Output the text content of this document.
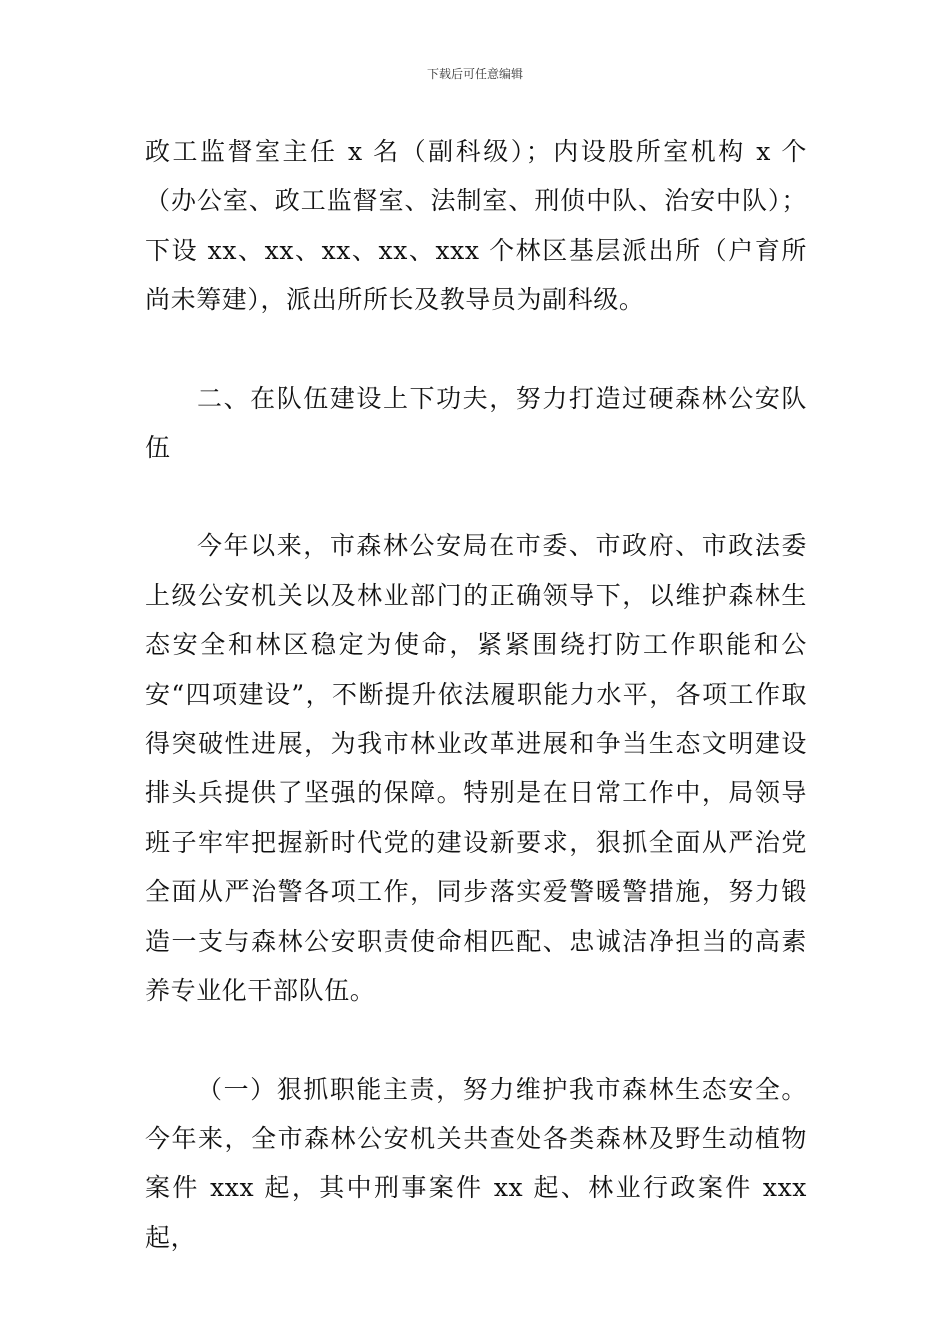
下载后可任意编辑

政工监督室主任 x 名（副科级）；内设股所室机构 x 个（办公室、政工监督室、法制室、刑侦中队、治安中队）；下设 xx、xx、xx、xx、xxx 个林区基层派出所（户育所尚未筹建），派出所所长及教导员为副科级。

二、在队伍建设上下功夫，努力打造过硬森林公安队伍

今年以来，市森林公安局在市委、市政府、市政法委上级公安机关以及林业部门的正确领导下，以维护森林生态安全和林区稳定为使命，紧紧围绕打防工作职能和公安“四项建设”，不断提升依法履职能力水平，各项工作取得突破性进展，为我市林业改革进展和争当生态文明建设排头兵提供了坚强的保障。特别是在日常工作中，局领导班子牢牢把握新时代党的建设新要求，狠抓全面从严治党全面从严治警各项工作，同步落实爱警暖警措施，努力锻造一支与森林公安职责使命相匹配、忠诚洁净担当的高素养专业化干部队伍。

（一）狠抓职能主责，努力维护我市森林生态安全。今年来，全市森林公安机关共查处各类森林及野生动植物案件 xxx 起，其中刑事案件 xx 起、林业行政案件 xxx 起，
